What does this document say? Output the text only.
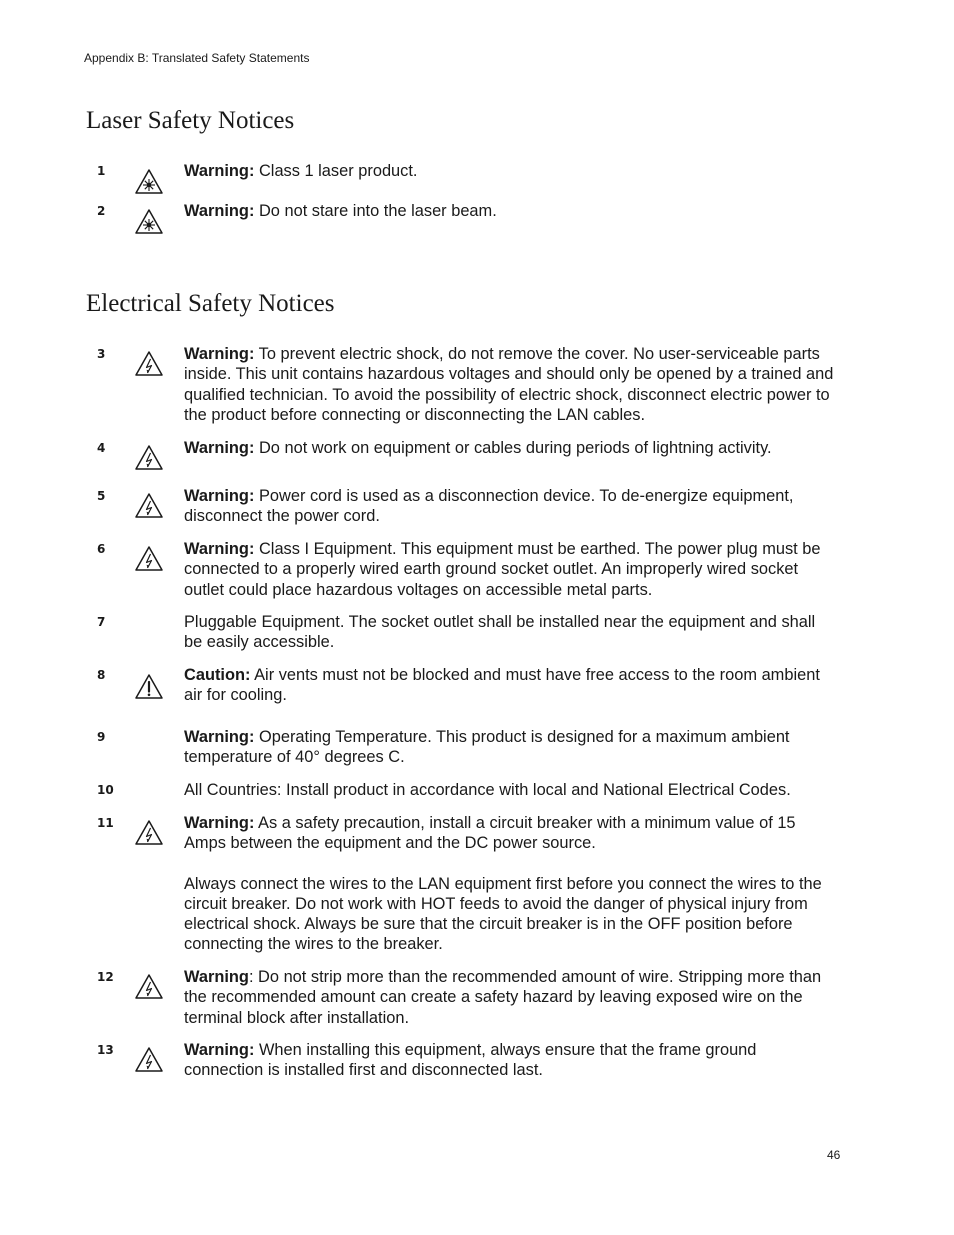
Appendix B: Translated Safety Statements
Laser Safety Notices
1	Warning: Class 1 laser product.

2	Warning: Do not stare into the laser beam.

Electrical Safety Notices
3	Warning: To prevent electric shock, do not remove the cover. No user-serviceable parts inside. This unit contains hazardous voltages and should only be opened by a trained and qualified technician. To avoid the possibility of electric shock, disconnect electric power to the product before connecting or disconnecting the LAN cables.

4	Warning: Do not work on equipment or cables during periods of lightning activity.

5	Warning: Power cord is used as a disconnection device. To de-energize equipment, disconnect the power cord.

6	Warning: Class I Equipment. This equipment must be earthed. The power plug must be connected to a properly wired earth ground socket outlet. An improperly wired socket outlet could place hazardous voltages on accessible metal parts.

7	Pluggable Equipment. The socket outlet shall be installed near the equipment and shall be easily accessible.

8	Caution: Air vents must not be blocked and must have free access to the room ambient air for cooling.

9	Warning: Operating Temperature. This product is designed for a maximum ambient temperature of 40° degrees C.

10	All Countries: Install product in accordance with local and National Electrical Codes.

11	Warning: As a safety precaution, install a circuit breaker with a minimum value of 15 Amps between the equipment and the DC power source.

Always connect the wires to the LAN equipment first before you connect the wires to the circuit breaker. Do not work with HOT feeds to avoid the danger of physical injury from electrical shock. Always be sure that the circuit breaker is in the OFF position before connecting the wires to the breaker.

12	Warning: Do not strip more than the recommended amount of wire. Stripping more than the recommended amount can create a safety hazard by leaving exposed wire on the terminal block after installation.

13	Warning: When installing this equipment, always ensure that the frame ground connection is installed first and disconnected last.

46
